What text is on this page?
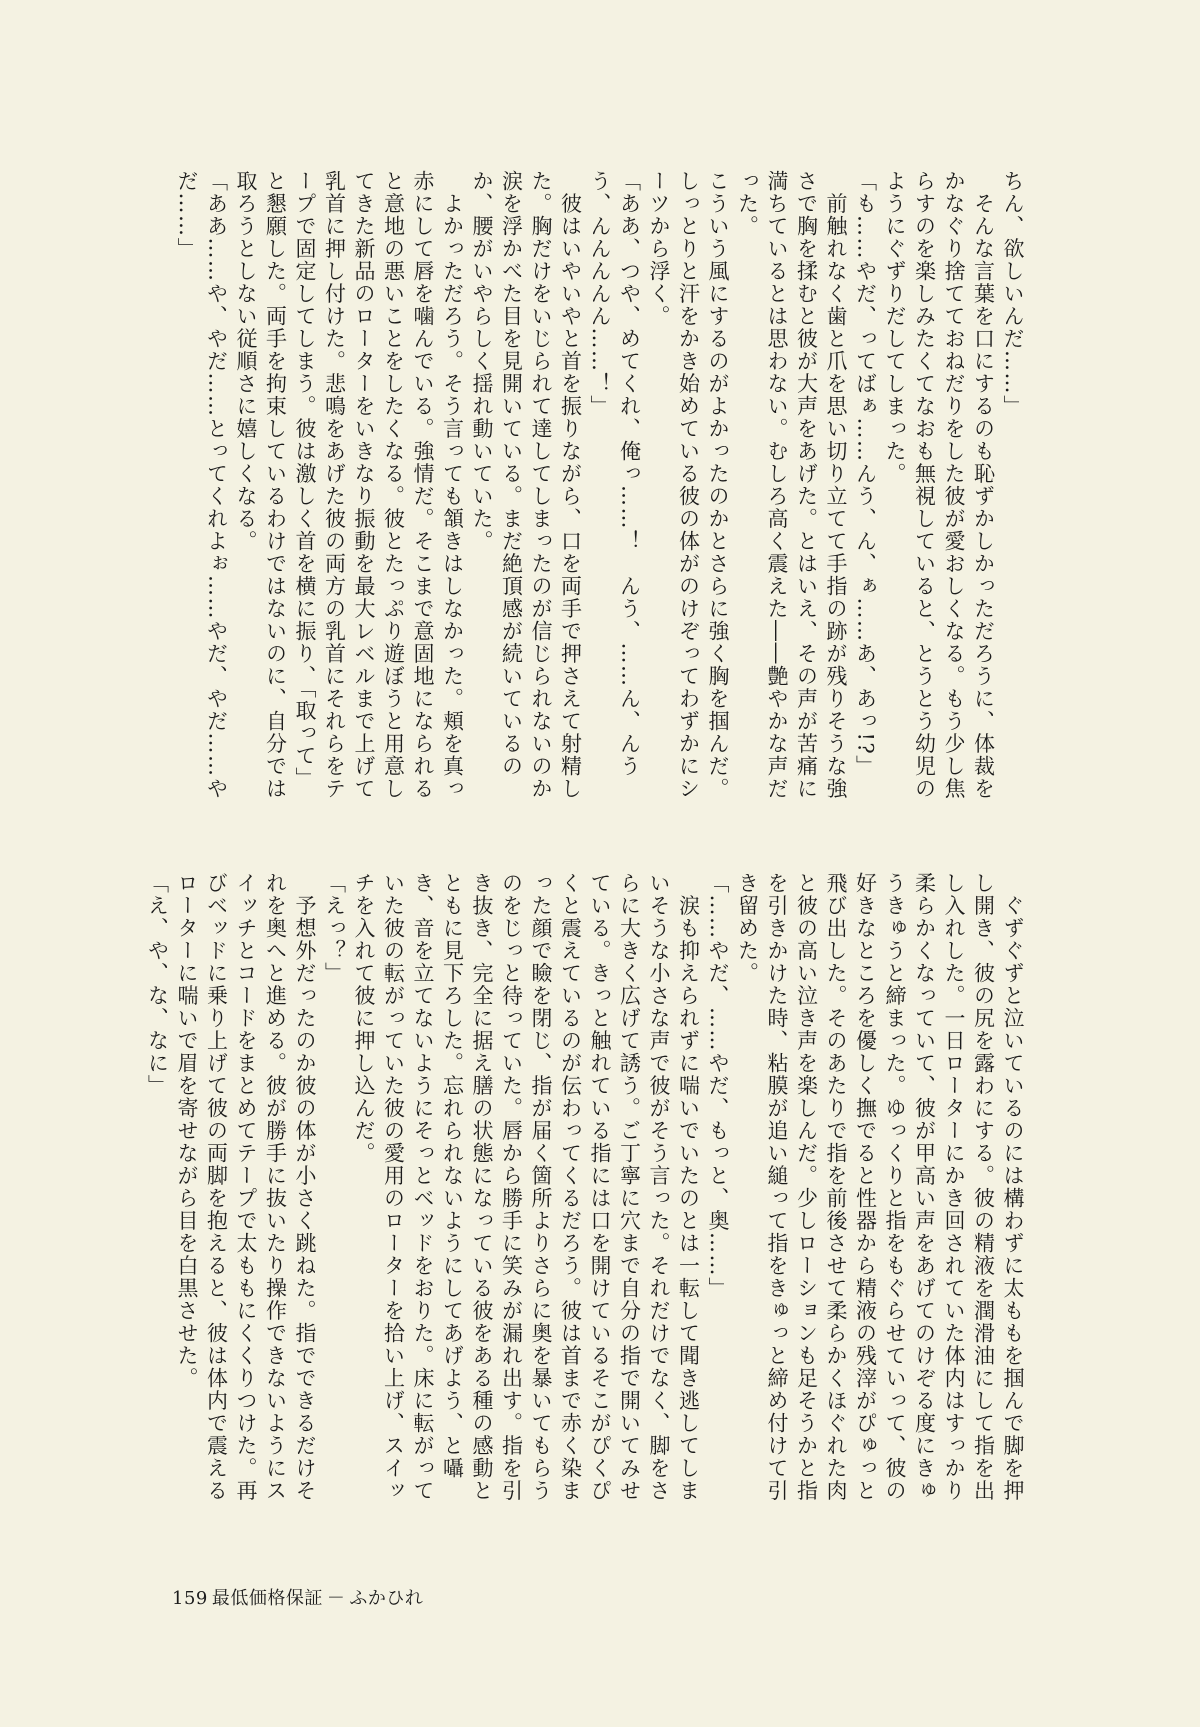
ちん、欲しいんだ……」

　そんな言葉を口にするのも恥ずかしかっただろうに、体裁をかなぐり捨てておねだりをした彼が愛おしくなる。もう少し焦らすのを楽しみたくてなおも無視していると、とうとう幼児のようにぐずりだしてしまった。

「も……やだ、ってばぁ……んう、ん、ぁ……あ、あっ!?」

　前触れなく歯と爪を思い切り立てて手指の跡が残りそうな強さで胸を揉むと彼が大声をあげた。とはいえ、その声が苦痛に満ちているとは思わない。むしろ高く震えた――艶やかな声だった。

こういう風にするのがよかったのかとさらに強く胸を掴んだ。しっとりと汗をかき始めている彼の体がのけぞってわずかにシーツから浮く。

「ああ、つや、めてくれ、俺っ……！　んう、……ん、んうう、んんんんん……！」

　彼はいやいやと首を振りながら、口を両手で押さえて射精した。胸だけをいじられて達してしまったのが信じられないのか涙を浮かべた目を見開いている。まだ絶頂感が続いているのか、腰がいやらしく揺れ動いていた。

　よかっただろう。そう言っても頷きはしなかった。頬を真っ赤にして唇を噛んでいる。強情だ。そこまで意固地になられると意地の悪いことをしたくなる。彼とたっぷり遊ぼうと用意してきた新品のローターをいきなり振動を最大レベルまで上げて乳首に押し付けた。悲鳴をあげた彼の両方の乳首にそれらをテープで固定してしまう。彼は激しく首を横に振り、「取って」と懇願した。両手を拘束しているわけではないのに、自分では取ろうとしない従順さに嬉しくなる。

「ああ……や、やだ……とってくれよぉ……やだ、やだ……やだ……」

　ぐずぐずと泣いているのには構わずに太ももを掴んで脚を押し開き、彼の尻を露わにする。彼の精液を潤滑油にして指を出し入れした。一日ローターにかき回されていた体内はすっかり柔らかくなっていて、彼が甲高い声をあげてのけぞる度にきゅうきゅうと締まった。ゆっくりと指をもぐらせていって、彼の好きなところを優しく撫でると性器から精液の残滓がぴゅっと飛び出した。そのあたりで指を前後させて柔らかくほぐれた肉と彼の高い泣き声を楽しんだ。少しローションも足そうかと指を引きかけた時、粘膜が追い縋って指をきゅっと締め付けて引き留めた。

「……やだ、……やだ、もっと、奥……」

　涙も抑えられずに喘いでいたのとは一転して聞き逃してしまいそうな小さな声で彼がそう言った。それだけでなく、脚をさらに大きく広げて誘う。ご丁寧に穴まで自分の指で開いてみせている。きっと触れている指には口を開けているそこがぴくぴくと震えているのが伝わってくるだろう。彼は首まで赤く染まった顔で瞼を閉じ、指が届く箇所よりさらに奥を暴いてもらうのをじっと待っていた。唇から勝手に笑みが漏れ出す。指を引き抜き、完全に据え膳の状態になっている彼をある種の感動とともに見下ろした。忘れられないようにしてあげよう、と囁き、音を立てないようにそっとベッドをおりた。床に転がっていた彼の転がっていた彼の愛用のローターを拾い上げ、スイッチを入れて彼に押し込んだ。

「えっ？」

　予想外だったのか彼の体が小さく跳ねた。指でできるだけそれを奥へと進める。彼が勝手に抜いたり操作できないようにスイッチとコードをまとめてテープで太ももにくくりつけた。再びベッドに乗り上げて彼の両脚を抱えると、彼は体内で震えるローターに喘いで眉を寄せながら目を白黒させた。

「え、や、な、なに」

159 最低価格保証 － ふかひれ
